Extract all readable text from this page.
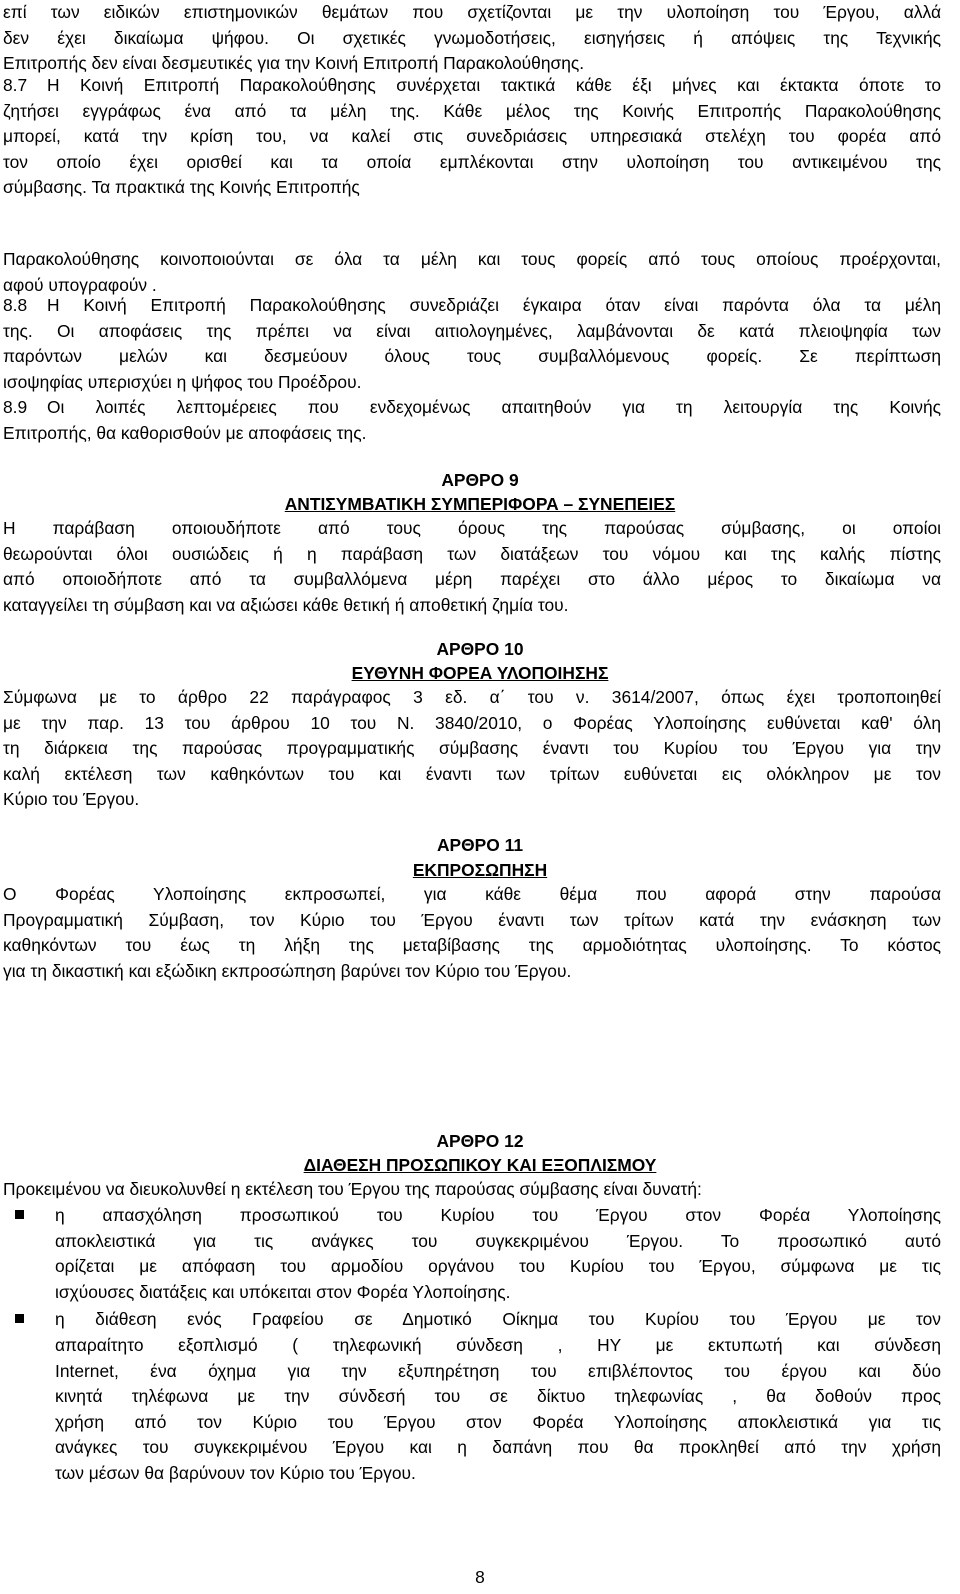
επί των ειδικών επιστημονικών θεμάτων που σχετίζονται με την υλοποίηση του Έργου, αλλά
δεν έχει δικαίωμα ψήφου. Οι σχετικές γνωμοδοτήσεις, εισηγήσεις ή απόψεις της Τεχνικής
Επιτροπής δεν είναι δεσμευτικές για την Κοινή Επιτροπή Παρακολούθησης.
8.7	Η Κοινή Επιτροπή Παρακολούθησης συνέρχεται τακτικά κάθε έξι μήνες και έκτακτα όποτε το
ζητήσει εγγράφως ένα από τα μέλη της. Κάθε μέλος της Κοινής Επιτροπής Παρακολούθησης
μπορεί, κατά την κρίση του, να καλεί στις συνεδριάσεις υπηρεσιακά στελέχη του φορέα από
τον οποίο έχει ορισθεί και τα οποία εμπλέκονται στην υλοποίηση του αντικειμένου της
σύμβασης. Τα πρακτικά της Κοινής Επιτροπής
Παρακολούθησης κοινοποιούνται σε όλα τα μέλη και τους φορείς από τους οποίους προέρχονται,
αφού υπογραφούν .
8.8	Η Κοινή Επιτροπή Παρακολούθησης συνεδριάζει έγκαιρα όταν είναι παρόντα όλα τα μέλη
της. Οι αποφάσεις της πρέπει να είναι αιτιολογημένες, λαμβάνονται δε κατά πλειοψηφία των
παρόντων μελών και δεσμεύουν όλους τους συμβαλλόμενους φορείς. Σε περίπτωση
ισοψηφίας υπερισχύει η ψήφος του Προέδρου.
8.9	Οι λοιπές λεπτομέρειες που ενδεχομένως απαιτηθούν για τη λειτουργία της Κοινής
Επιτροπής, θα καθορισθούν με αποφάσεις της.
ΑΡΘΡΟ 9
ΑΝΤΙΣΥΜΒΑΤΙΚΗ ΣΥΜΠΕΡΙΦΟΡΑ – ΣΥΝΕΠΕΙΕΣ
Η παράβαση οποιουδήποτε από τους όρους της παρούσας σύμβασης, οι οποίοι
θεωρούνται όλοι ουσιώδεις ή η παράβαση των διατάξεων του νόμου και της καλής πίστης
από οποιοδήποτε από τα συμβαλλόμενα μέρη παρέχει στο άλλο μέρος το δικαίωμα να
καταγγείλει τη σύμβαση και να αξιώσει κάθε θετική ή αποθετική ζημία του.
ΑΡΘΡΟ 10
ΕΥΘΥΝΗ ΦΟΡΕΑ ΥΛΟΠΟΙΗΣΗΣ
Σύμφωνα με το άρθρο 22 παράγραφος 3 εδ. α΄ του ν. 3614/2007, όπως έχει τροποποιηθεί
με την παρ. 13 του άρθρου 10 του Ν. 3840/2010, ο Φορέας Υλοποίησης ευθύνεται καθ' όλη
τη διάρκεια της παρούσας προγραμματικής σύμβασης έναντι του Κυρίου του Έργου για την
καλή εκτέλεση των καθηκόντων του και έναντι των τρίτων ευθύνεται εις ολόκληρον με τον
Κύριο του Έργου.
ΑΡΘΡΟ 11
ΕΚΠΡΟΣΩΠΗΣΗ
Ο Φορέας Υλοποίησης εκπροσωπεί, για κάθε θέμα που αφορά στην παρούσα
Προγραμματική Σύμβαση, τον Κύριο του Έργου έναντι των τρίτων κατά την ενάσκηση των
καθηκόντων του έως τη λήξη της μεταβίβασης της αρμοδιότητας υλοποίησης. Το κόστος
για τη δικαστική και εξώδικη εκπροσώπηση βαρύνει τον Κύριο του Έργου.
ΑΡΘΡΟ 12
ΔΙΑΘΕΣΗ ΠΡΟΣΩΠΙΚΟΥ ΚΑΙ ΕΞΟΠΛΙΣΜΟΥ
Προκειμένου να διευκολυνθεί η εκτέλεση του Έργου της παρούσας σύμβασης είναι δυνατή:
η απασχόληση προσωπικού του Κυρίου του Έργου στον Φορέα Υλοποίησης
αποκλειστικά για τις ανάγκες του συγκεκριμένου Έργου. Το προσωπικό αυτό
ορίζεται με απόφαση του αρμοδίου οργάνου του Κυρίου του Έργου, σύμφωνα με τις
ισχύουσες διατάξεις και υπόκειται στον Φορέα Υλοποίησης.
η διάθεση ενός Γραφείου σε Δημοτικό Οίκημα του Κυρίου του Έργου με τον
απαραίτητο εξοπλισμό ( τηλεφωνική σύνδεση , ΗΥ με εκτυπωτή και σύνδεση
Internet, ένα όχημα για την εξυπηρέτηση του επιβλέποντος του έργου και δύο
κινητά τηλέφωνα με την σύνδεσή του σε δίκτυο τηλεφωνίας , θα δοθούν προς
χρήση από τον Κύριο του Έργου στον Φορέα Υλοποίησης αποκλειστικά για τις
ανάγκες του συγκεκριμένου Έργου και η δαπάνη που θα προκληθεί από την χρήση
των μέσων θα βαρύνουν τον Κύριο του Έργου.
8
